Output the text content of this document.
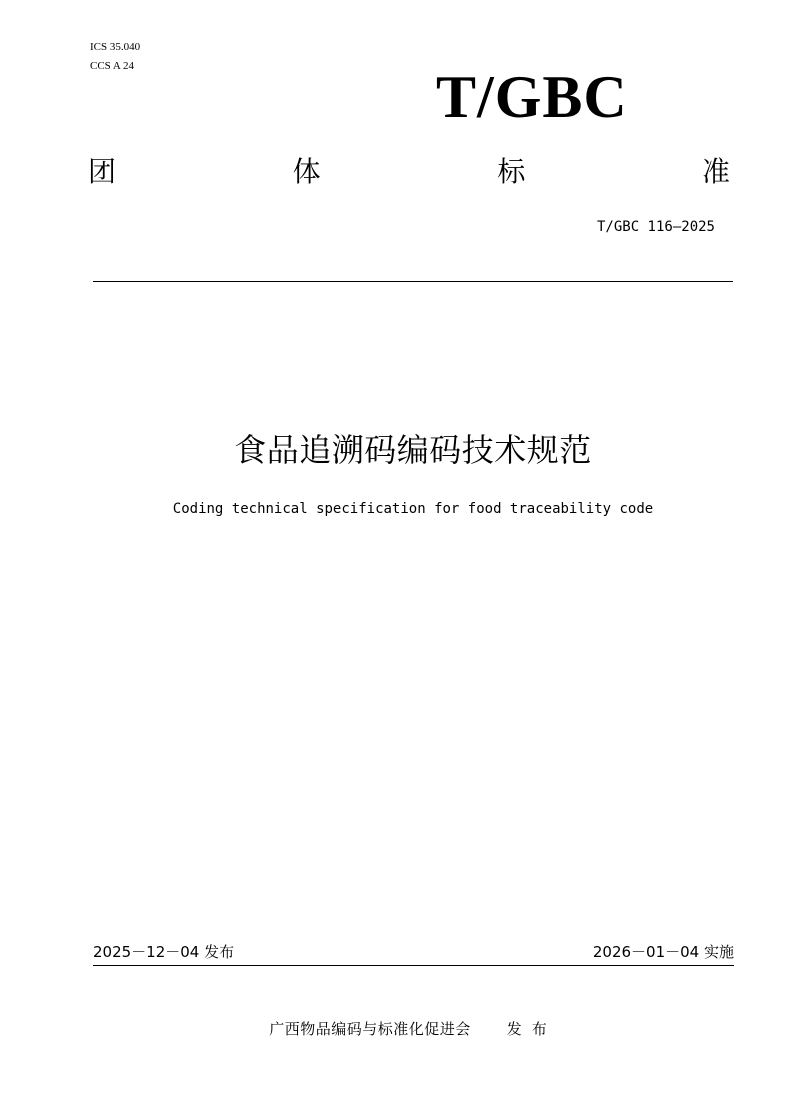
ICS 35.040
CCS A 24	T/GBC
团	体	标	准
T/GBC 116—2025
食品追溯码编码技术规范
Coding technical specification for food traceability code
2025－12－04 发布	2026－01－04 实施
广西物品编码与标准化促进会 发布
